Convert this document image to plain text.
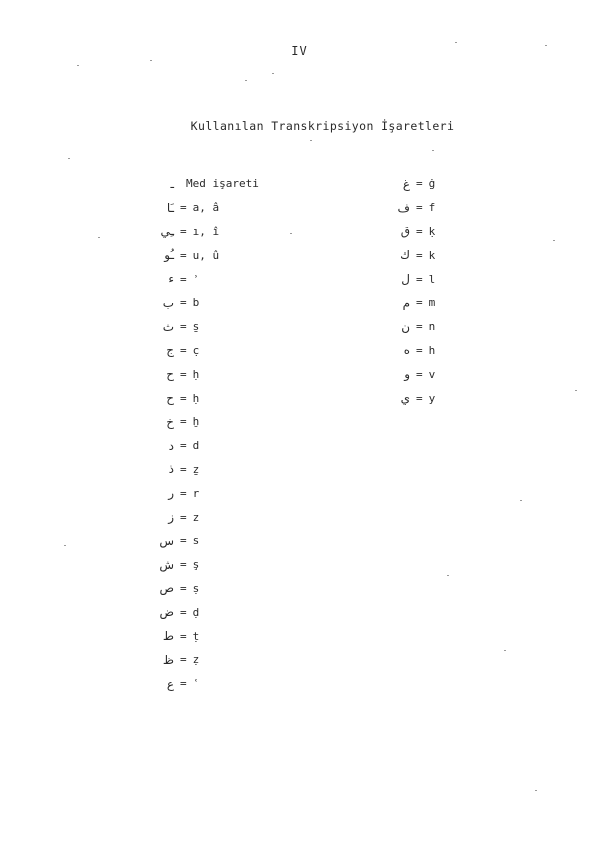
IV
Kullanılan Transkripsiyon İşaretleri
ـ Med işareti
ـَا = a, â
ـِي = ı, î
ـُو = u, û
ء = ʾ
ب = b
ث = s̱
ج = c̣
ح = ḥ
ح = ḥ
خ = ḫ
د = d
ذ = ẕ
ر = r
ز = z
س = s
ش = ş
ص = ṣ
ض = ḍ
ط = ṭ
ظ = ẓ
ع = ʿ
غ = ġ
ف = f
ق = ḳ
ك = k
ل = l
م = m
ن = n
ه = h
و = v
ي = y
